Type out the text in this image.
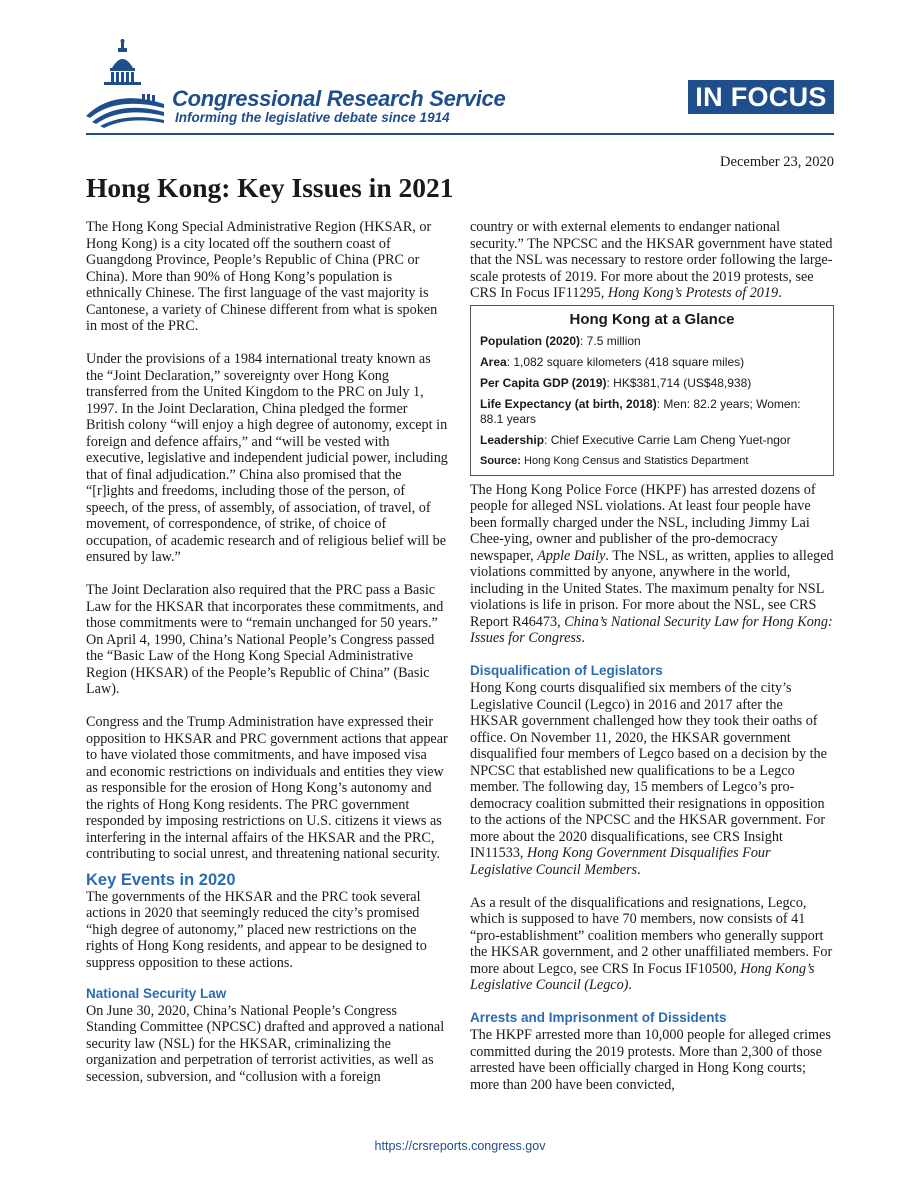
Congressional Research Service
Informing the legislative debate since 1914
IN FOCUS
December 23, 2020
Hong Kong: Key Issues in 2021

The Hong Kong Special Administrative Region (HKSAR, or Hong Kong) is a city located off the southern coast of Guangdong Province, People’s Republic of China (PRC or China). More than 90% of Hong Kong’s population is ethnically Chinese. The first language of the vast majority is Cantonese, a variety of Chinese different from what is spoken in most of the PRC.

Under the provisions of a 1984 international treaty known as the “Joint Declaration,” sovereignty over Hong Kong transferred from the United Kingdom to the PRC on July 1, 1997. In the Joint Declaration, China pledged the former British colony “will enjoy a high degree of autonomy, except in foreign and defence affairs,” and “will be vested with executive, legislative and independent judicial power, including that of final adjudication.” China also promised that the “[r]ights and freedoms, including those of the person, of speech, of the press, of assembly, of association, of travel, of movement, of correspondence, of strike, of choice of occupation, of academic research and of religious belief will be ensured by law.”

The Joint Declaration also required that the PRC pass a Basic Law for the HKSAR that incorporates these commitments, and those commitments were to “remain unchanged for 50 years.” On April 4, 1990, China’s National People’s Congress passed the “Basic Law of the Hong Kong Special Administrative Region (HKSAR) of the People’s Republic of China” (Basic Law).

Congress and the Trump Administration have expressed their opposition to HKSAR and PRC government actions that appear to have violated those commitments, and have imposed visa and economic restrictions on individuals and entities they view as responsible for the erosion of Hong Kong’s autonomy and the rights of Hong Kong residents. The PRC government responded by imposing restrictions on U.S. citizens it views as interfering in the internal affairs of the HKSAR and the PRC, contributing to social unrest, and threatening national security.

Key Events in 2020

The governments of the HKSAR and the PRC took several actions in 2020 that seemingly reduced the city’s promised “high degree of autonomy,” placed new restrictions on the rights of Hong Kong residents, and appear to be designed to suppress opposition to these actions.

National Security Law

On June 30, 2020, China’s National People’s Congress Standing Committee (NPCSC) drafted and approved a national security law (NSL) for the HKSAR, criminalizing the organization and perpetration of terrorist activities, as well as secession, subversion, and “collusion with a foreign

country or with external elements to endanger national security.” The NPCSC and the HKSAR government have stated that the NSL was necessary to restore order following the large-scale protests of 2019. For more about the 2019 protests, see CRS In Focus IF11295, Hong Kong’s Protests of 2019.

Hong Kong at a Glance
Population (2020): 7.5 million
Area: 1,082 square kilometers (418 square miles)
Per Capita GDP (2019): HK$381,714 (US$48,938)
Life Expectancy (at birth, 2018): Men: 82.2 years; Women: 88.1 years
Leadership: Chief Executive Carrie Lam Cheng Yuet-ngor
Source: Hong Kong Census and Statistics Department

The Hong Kong Police Force (HKPF) has arrested dozens of people for alleged NSL violations. At least four people have been formally charged under the NSL, including Jimmy Lai Chee-ying, owner and publisher of the pro-democracy newspaper, Apple Daily. The NSL, as written, applies to alleged violations committed by anyone, anywhere in the world, including in the United States. The maximum penalty for NSL violations is life in prison. For more about the NSL, see CRS Report R46473, China’s National Security Law for Hong Kong: Issues for Congress.

Disqualification of Legislators

Hong Kong courts disqualified six members of the city’s Legislative Council (Legco) in 2016 and 2017 after the HKSAR government challenged how they took their oaths of office. On November 11, 2020, the HKSAR government disqualified four members of Legco based on a decision by the NPCSC that established new qualifications to be a Legco member. The following day, 15 members of Legco’s pro-democracy coalition submitted their resignations in opposition to the actions of the NPCSC and the HKSAR government. For more about the 2020 disqualifications, see CRS Insight IN11533, Hong Kong Government Disqualifies Four Legislative Council Members.

As a result of the disqualifications and resignations, Legco, which is supposed to have 70 members, now consists of 41 “pro-establishment” coalition members who generally support the HKSAR government, and 2 other unaffiliated members. For more about Legco, see CRS In Focus IF10500, Hong Kong’s Legislative Council (Legco).

Arrests and Imprisonment of Dissidents

The HKPF arrested more than 10,000 people for alleged crimes committed during the 2019 protests. More than 2,300 of those arrested have been officially charged in Hong Kong courts; more than 200 have been convicted,

https://crsreports.congress.gov
